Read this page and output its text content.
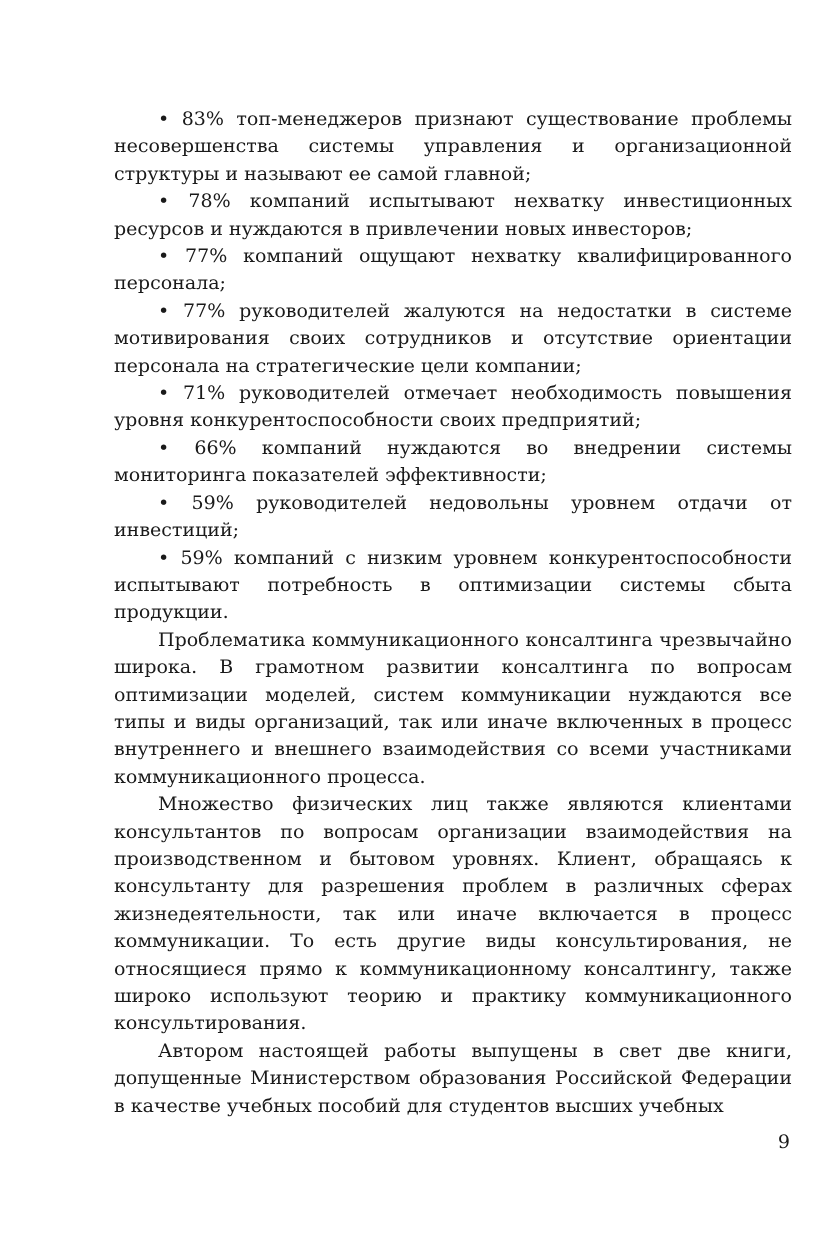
• 83% топ-менеджеров признают существование проблемы несовершенства системы управления и организационной структуры и называют ее самой главной;

• 78% компаний испытывают нехватку инвестиционных ресурсов и нуждаются в привлечении новых инвесторов;

• 77% компаний ощущают нехватку квалифицированного персонала;

• 77% руководителей жалуются на недостатки в системе мотивирования своих сотрудников и отсутствие ориентации персонала на стратегические цели компании;

• 71% руководителей отмечает необходимость повышения уровня конкурентоспособности своих предприятий;

• 66% компаний нуждаются во внедрении системы мониторинга показателей эффективности;

• 59% руководителей недовольны уровнем отдачи от инвестиций;

• 59% компаний с низким уровнем конкурентоспособности испытывают потребность в оптимизации системы сбыта продукции.

Проблематика коммуникационного консалтинга чрезвычайно широка. В грамотном развитии консалтинга по вопросам оптимизации моделей, систем коммуникации нуждаются все типы и виды организаций, так или иначе включенных в процесс внутреннего и внешнего взаимодействия со всеми участниками коммуникационного процесса.

Множество физических лиц также являются клиентами консультантов по вопросам организации взаимодействия на производственном и бытовом уровнях. Клиент, обращаясь к консультанту для разрешения проблем в различных сферах жизнедеятельности, так или иначе включается в процесс коммуникации. То есть другие виды консультирования, не относящиеся прямо к коммуникационному консалтингу, также широко используют теорию и практику коммуникационного консультирования.

Автором настоящей работы выпущены в свет две книги, допущенные Министерством образования Российской Федерации в качестве учебных пособий для студентов высших учебных

9
